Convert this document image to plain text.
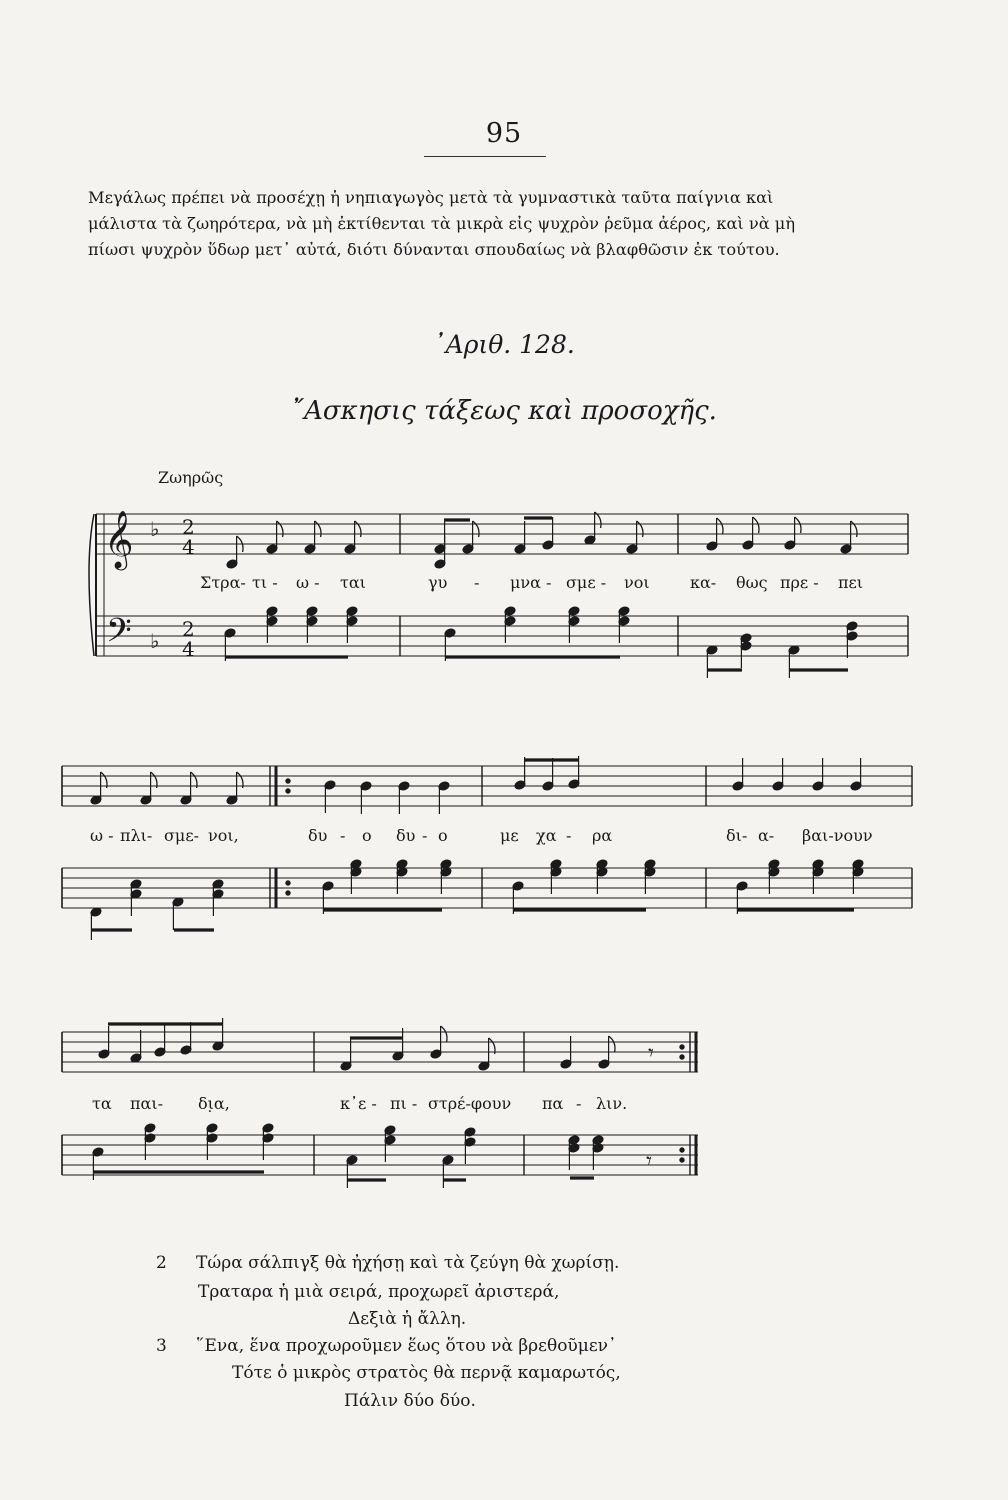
95
Μεγάλως πρέπει νὰ προσέχῃ ἡ νηπιαγωγὸς μετὰ τὰ γυμναστικὰ ταῦτα παίγνια καὶ
μάλιστα τὰ ζωηρότερα, νὰ μὴ ἐκτίθενται τὰ μικρὰ εἰς ψυχρὸν ῥεῦμα ἀέρος, καὶ νὰ μὴ
πίωσι ψυχρὸν ὕδωρ μετ᾽ αὐτά, διότι δύνανται σπουδαίως νὰ βλαφθῶσιν ἐκ τούτου.
᾿Αριθ. 128.
῎Ασκησις τάξεως καὶ προσοχῆς.
Ζωηρῶς
𝄞
𝄢
♭
♭
2
4
2
4
𝄾
𝄾
Στρα- τι - ω - ται	γυ - μνα - σμε - νοι	κα- θως πρε - πει
ω - πλι- σμε- νοι,	δυ - ο δυ - ο	με χα - ρα	δι- α- βαι-νουν
τα παι- δι̣α,	κ᾽ε - πι - στρέ-φουν πα - λιν.
2 Τώρα σάλπιγξ θὰ ἠχήσῃ καὶ τὰ ζεύγη θὰ χωρίσῃ.
Τραταρα ἡ μιὰ σειρά, προχωρεῖ ἀριστερά,
Δεξιὰ ἡ ἄλλη.
3 ῞Ενα, ἕνα προχωροῦμεν ἕως ὅτου νὰ βρεθοῦμεν᾽
Τότε ὁ μικρὸς στρατὸς θὰ περνᾷ καμαρωτός,
Πάλιν δύο δύο.
